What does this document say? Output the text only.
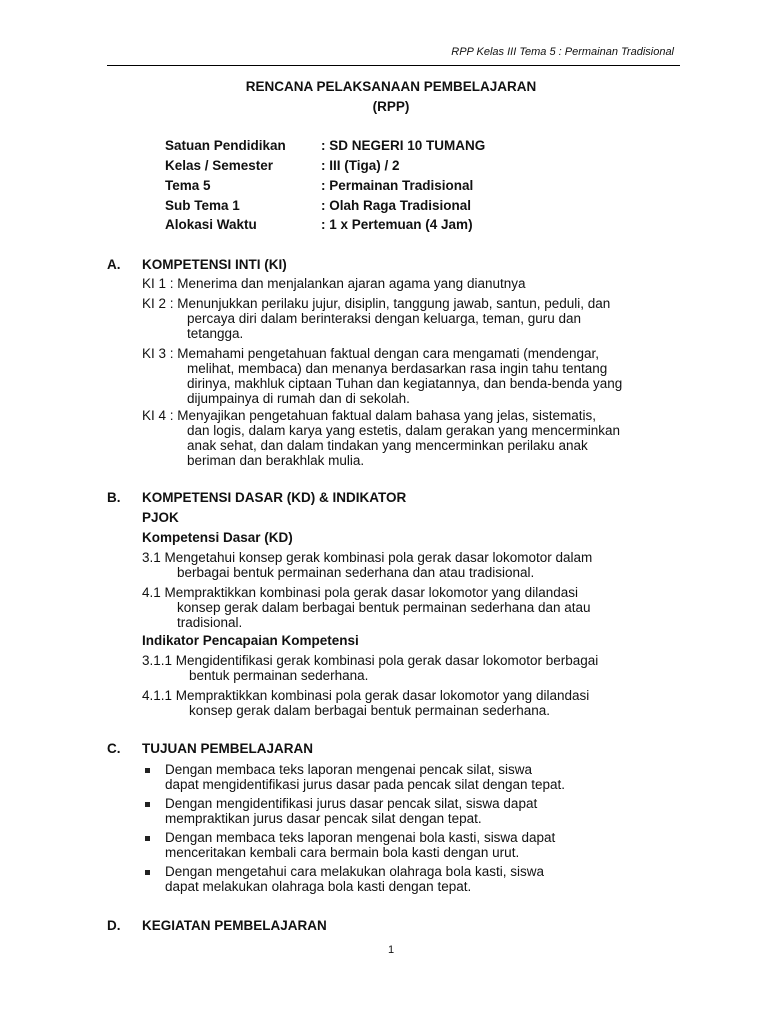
RPP Kelas III Tema 5 : Permainan Tradisional
RENCANA PELAKSANAAN PEMBELAJARAN
(RPP)
Satuan Pendidikan	: SD NEGERI 10 TUMANG
Kelas / Semester	: III (Tiga) / 2
Tema 5	: Permainan Tradisional
Sub Tema 1	: Olah Raga Tradisional
Alokasi Waktu	: 1 x Pertemuan (4 Jam)
A. KOMPETENSI INTI (KI)
KI 1 : Menerima dan menjalankan ajaran agama yang dianutnya
KI 2 : Menunjukkan perilaku jujur, disiplin, tanggung jawab, santun, peduli, dan
percaya diri dalam berinteraksi dengan keluarga, teman, guru dan
tetangga.
KI 3 : Memahami pengetahuan faktual dengan cara mengamati (mendengar,
melihat, membaca) dan menanya berdasarkan rasa ingin tahu tentang
dirinya, makhluk ciptaan Tuhan dan kegiatannya, dan benda-benda yang
dijumpainya di rumah dan di sekolah.
KI 4 : Menyajikan pengetahuan faktual dalam bahasa yang jelas, sistematis,
dan logis, dalam karya yang estetis, dalam gerakan yang mencerminkan
anak sehat, dan dalam tindakan yang mencerminkan perilaku anak
beriman dan berakhlak mulia.
B. KOMPETENSI DASAR (KD) & INDIKATOR
PJOK
Kompetensi Dasar (KD)
3.1 Mengetahui konsep gerak kombinasi pola gerak dasar lokomotor dalam
berbagai bentuk permainan sederhana dan atau tradisional.
4.1 Mempraktikkan kombinasi pola gerak dasar lokomotor yang dilandasi
konsep gerak dalam berbagai bentuk permainan sederhana dan atau
tradisional.
Indikator Pencapaian Kompetensi
3.1.1 Mengidentifikasi gerak kombinasi pola gerak dasar lokomotor berbagai
bentuk permainan sederhana.
4.1.1 Mempraktikkan kombinasi pola gerak dasar lokomotor yang dilandasi
konsep gerak dalam berbagai bentuk permainan sederhana.
C. TUJUAN PEMBELAJARAN
Dengan membaca teks laporan mengenai pencak silat, siswa
dapat mengidentifikasi jurus dasar pada pencak silat dengan tepat.
Dengan mengidentifikasi jurus dasar pencak silat, siswa dapat
mempraktikan jurus dasar pencak silat dengan tepat.
Dengan membaca teks laporan mengenai bola kasti, siswa dapat
menceritakan kembali cara bermain bola kasti dengan urut.
Dengan mengetahui cara melakukan olahraga bola kasti, siswa
dapat melakukan olahraga bola kasti dengan tepat.
D. KEGIATAN PEMBELAJARAN
1
